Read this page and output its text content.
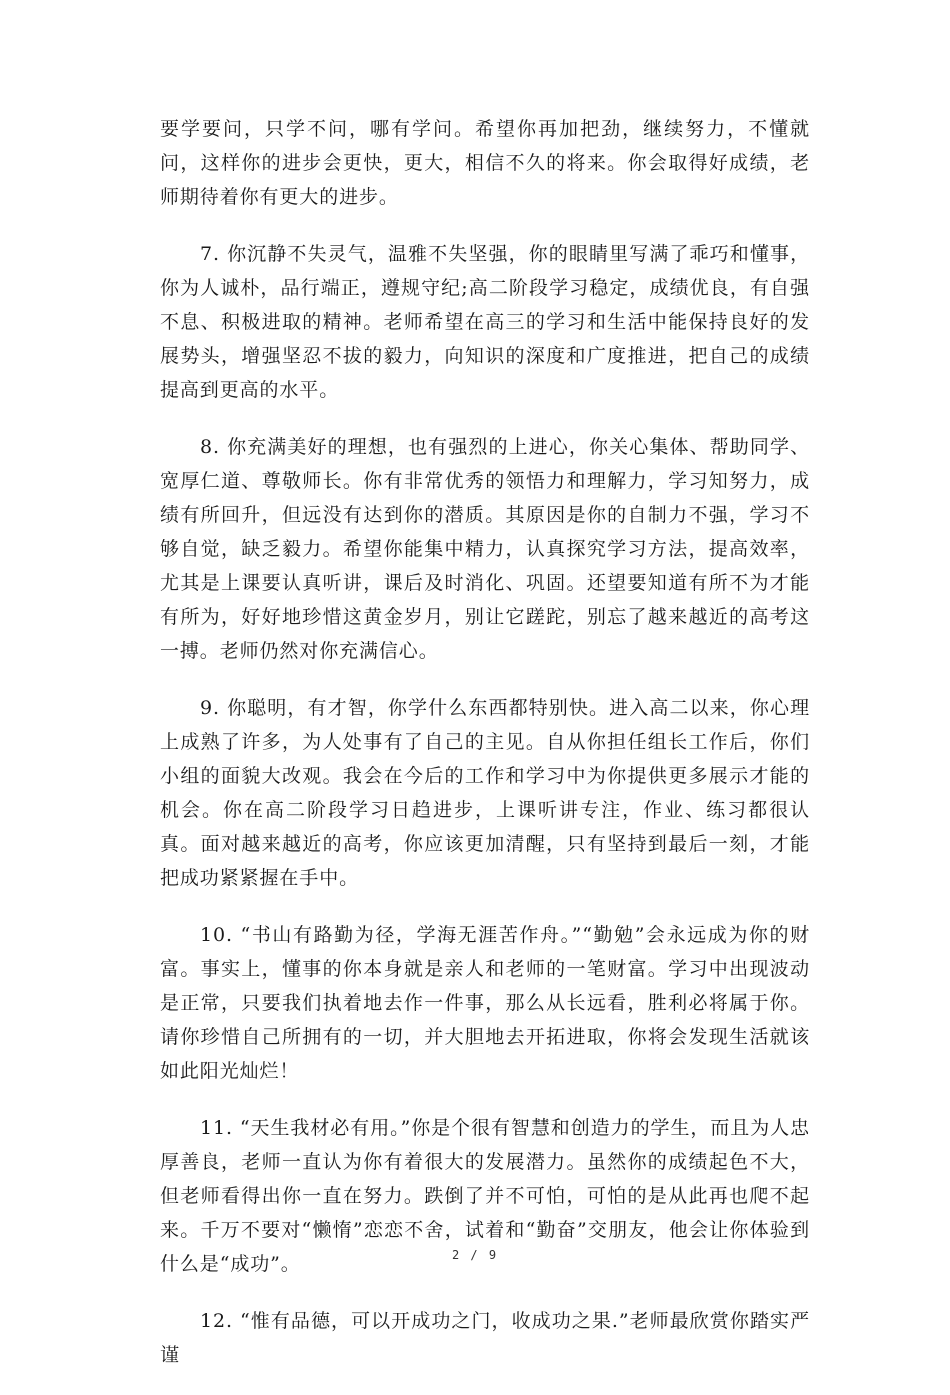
要学要问，只学不问，哪有学问。希望你再加把劲，继续努力，不懂就问，这样你的进步会更快，更大，相信不久的将来。你会取得好成绩，老师期待着你有更大的进步。

7. 你沉静不失灵气，温雅不失坚强，你的眼睛里写满了乖巧和懂事，你为人诚朴，品行端正，遵规守纪;高二阶段学习稳定，成绩优良，有自强不息、积极进取的精神。老师希望在高三的学习和生活中能保持良好的发展势头，增强坚忍不拔的毅力，向知识的深度和广度推进，把自己的成绩提高到更高的水平。

8. 你充满美好的理想，也有强烈的上进心，你关心集体、帮助同学、宽厚仁道、尊敬师长。你有非常优秀的领悟力和理解力，学习知努力，成绩有所回升，但远没有达到你的潜质。其原因是你的自制力不强，学习不够自觉，缺乏毅力。希望你能集中精力，认真探究学习方法，提高效率，尤其是上课要认真听讲，课后及时消化、巩固。还望要知道有所不为才能有所为，好好地珍惜这黄金岁月，别让它蹉跎，别忘了越来越近的高考这一搏。老师仍然对你充满信心。

9. 你聪明，有才智，你学什么东西都特别快。进入高二以来，你心理上成熟了许多，为人处事有了自己的主见。自从你担任组长工作后，你们小组的面貌大改观。我会在今后的工作和学习中为你提供更多展示才能的机会。你在高二阶段学习日趋进步，上课听讲专注，作业、练习都很认真。面对越来越近的高考，你应该更加清醒，只有坚持到最后一刻，才能把成功紧紧握在手中。

10. “书山有路勤为径，学海无涯苦作舟。”“勤勉”会永远成为你的财富。事实上，懂事的你本身就是亲人和老师的一笔财富。学习中出现波动是正常，只要我们执着地去作一件事，那么从长远看，胜利必将属于你。请你珍惜自己所拥有的一切，并大胆地去开拓进取，你将会发现生活就该如此阳光灿烂！

11. “天生我材必有用。”你是个很有智慧和创造力的学生，而且为人忠厚善良，老师一直认为你有着很大的发展潜力。虽然你的成绩起色不大，但老师看得出你一直在努力。跌倒了并不可怕，可怕的是从此再也爬不起来。千万不要对“懒惰”恋恋不舍，试着和“勤奋”交朋友，他会让你体验到什么是“成功”。

12. “惟有品德，可以开成功之门，收成功之果.”老师最欣赏你踏实严谨

2 / 9
